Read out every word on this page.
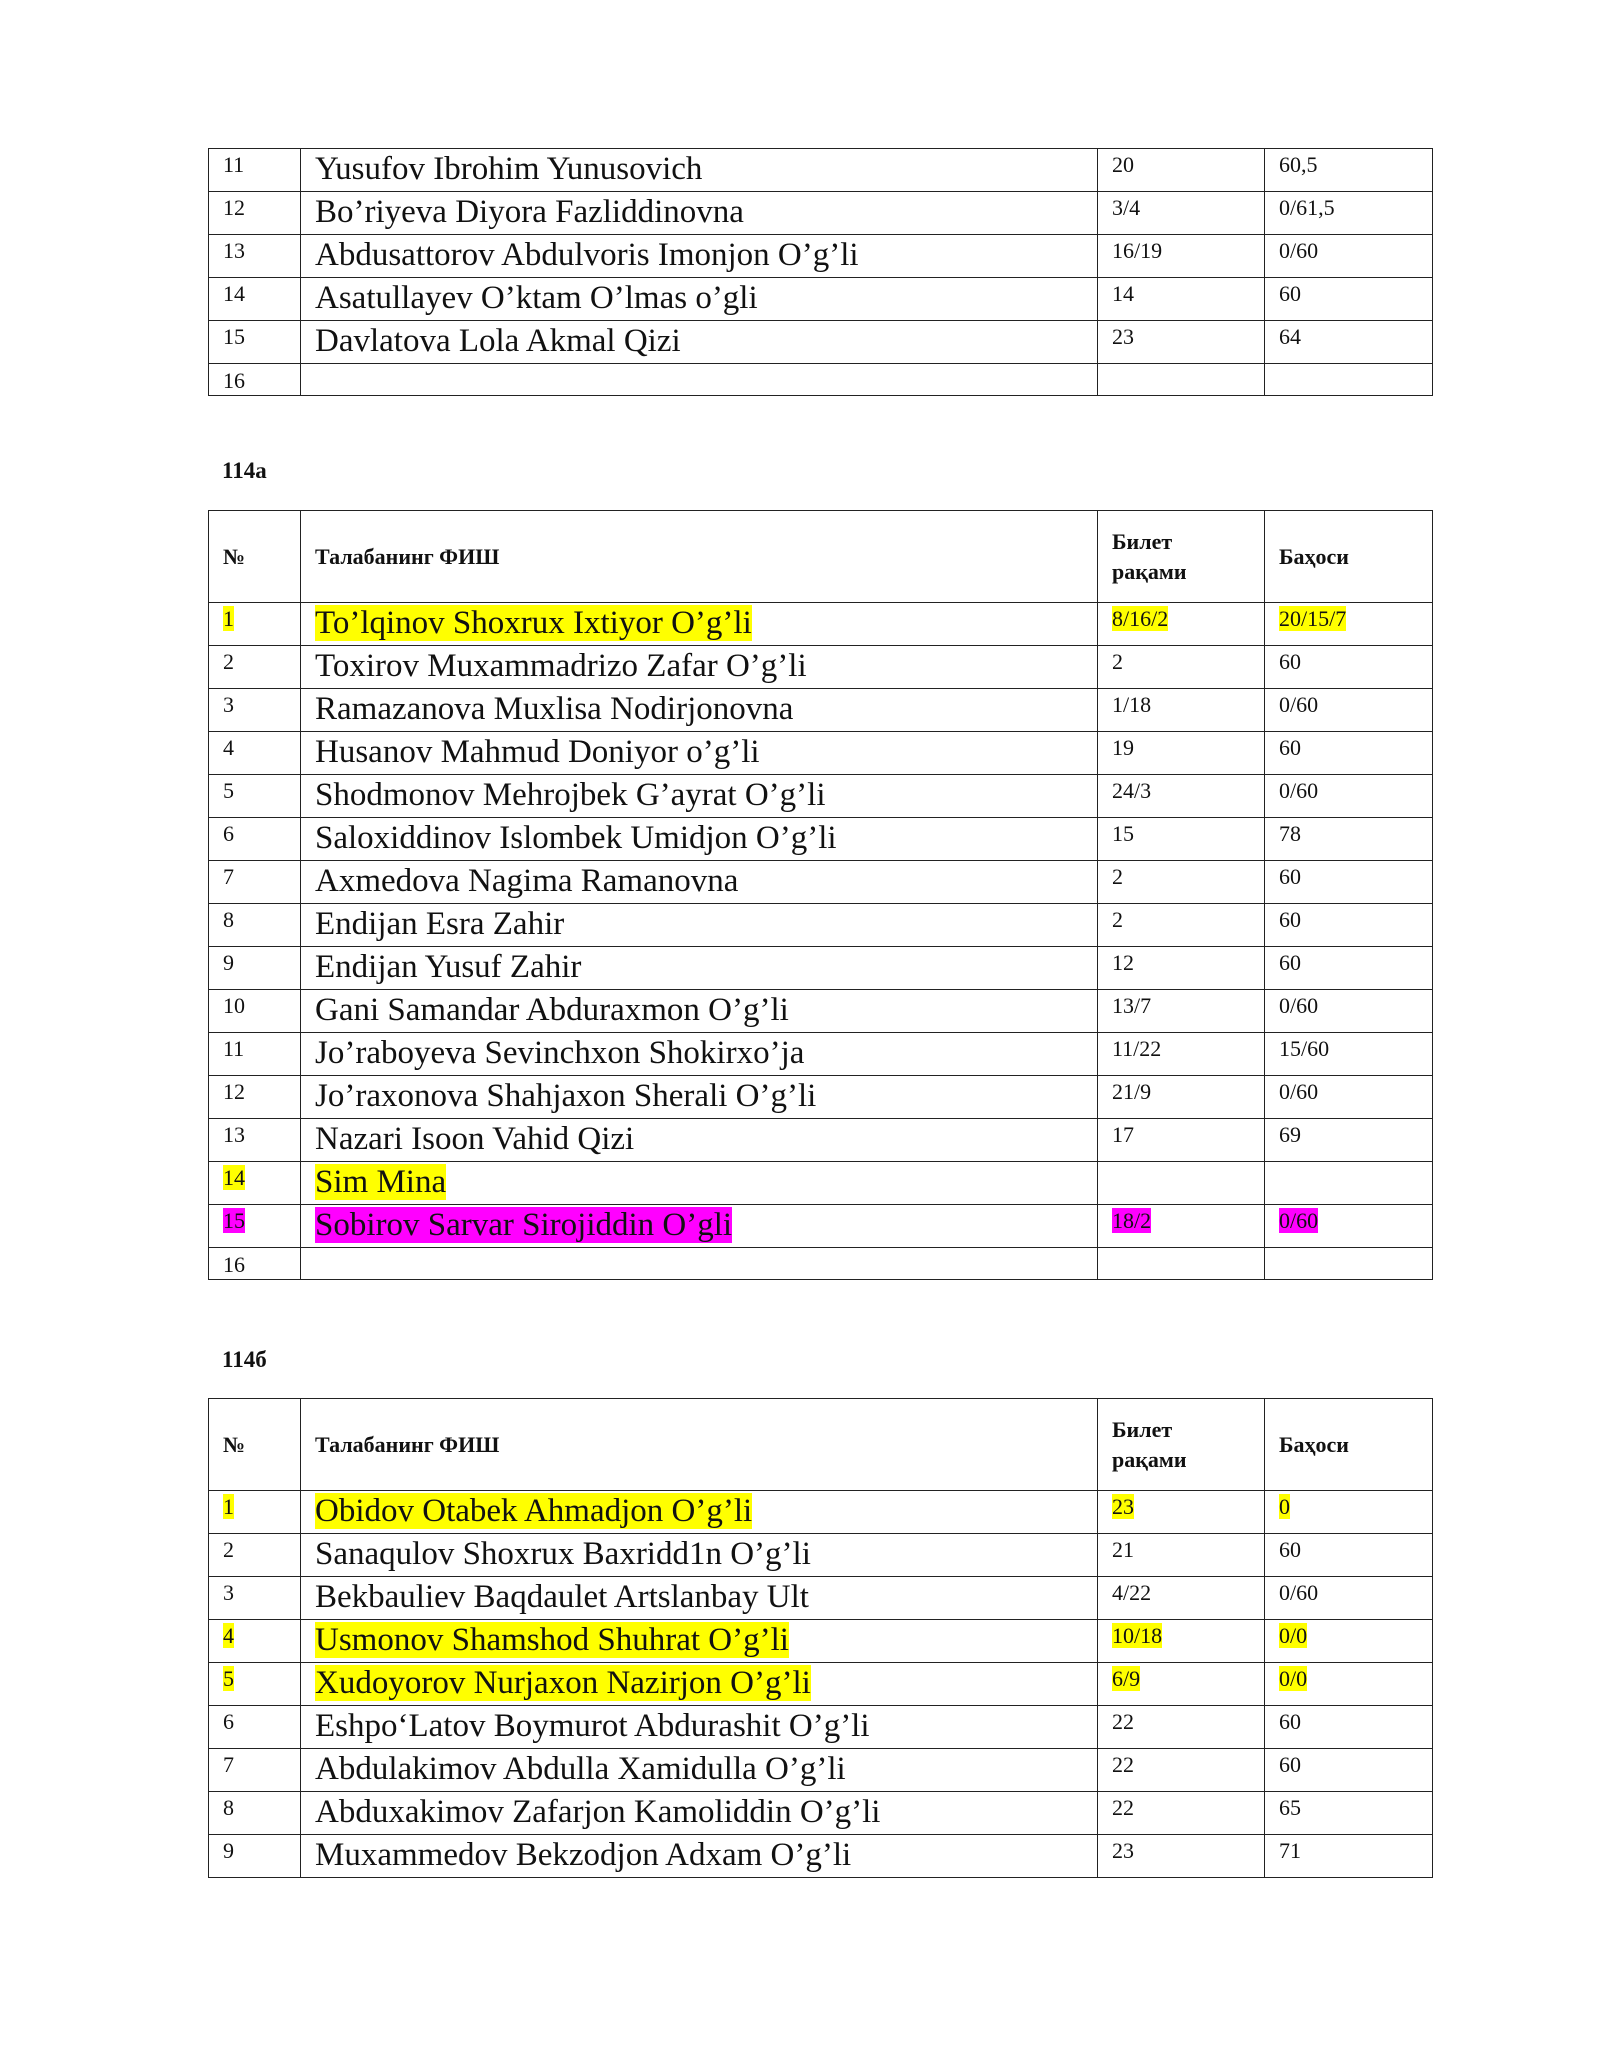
11	Yusufov Ibrohim Yunusovich	20	60,5
12	Bo’riyeva Diyora Fazliddinovna	3/4	0/61,5
13	Abdusattorov Abdulvoris Imonjon O’g’li	16/19	0/60
14	Asatullayev O’ktam O’lmas o’gli	14	60
15	Davlatova Lola Akmal Qizi	23	64
16			
114а
№	Талабанинг ФИШ	Билет рақами	Баҳоси
1	To’lqinov Shoxrux Ixtiyor O’g’li	8/16/2	20/15/7
2	Toxirov Muxammadrizo Zafar O’g’li	2	60
3	Ramazanova Muxlisa Nodirjonovna	1/18	0/60
4	Husanov Mahmud Doniyor o’g’li	19	60
5	Shodmonov Mehrojbek G’ayrat O’g’li	24/3	0/60
6	Saloxiddinov Islombek Umidjon O’g’li	15	78
7	Axmedova Nagima Ramanovna	2	60
8	Endijan Esra Zahir	2	60
9	Endijan Yusuf Zahir	12	60
10	Gani Samandar Abduraxmon O’g’li	13/7	0/60
11	Jo’raboyeva Sevinchxon Shokirxo’ja	11/22	15/60
12	Jo’raxonova Shahjaxon Sherali O’g’li	21/9	0/60
13	Nazari Isoon Vahid Qizi	17	69
14	Sim Mina		
15	Sobirov Sarvar Sirojiddin O’gli	18/2	0/60
16			
114б
№	Талабанинг ФИШ	Билет рақами	Баҳоси
1	Obidov Otabek Ahmadjon O’g’li	23	0
2	Sanaqulov Shoxrux Baxridd1n O’g’li	21	60
3	Bekbauliev Baqdaulet Artslanbay Ult	4/22	0/60
4	Usmonov Shamshod Shuhrat O’g’li	10/18	0/0
5	Xudoyorov Nurjaxon Nazirjon O’g’li	6/9	0/0
6	Eshpo‘Latov Boymurot Abdurashit O’g’li	22	60
7	Abdulakimov Abdulla Xamidulla O’g’li	22	60
8	Abduxakimov Zafarjon Kamoliddin O’g’li	22	65
9	Muxammedov Bekzodjon Adxam O’g’li	23	71
